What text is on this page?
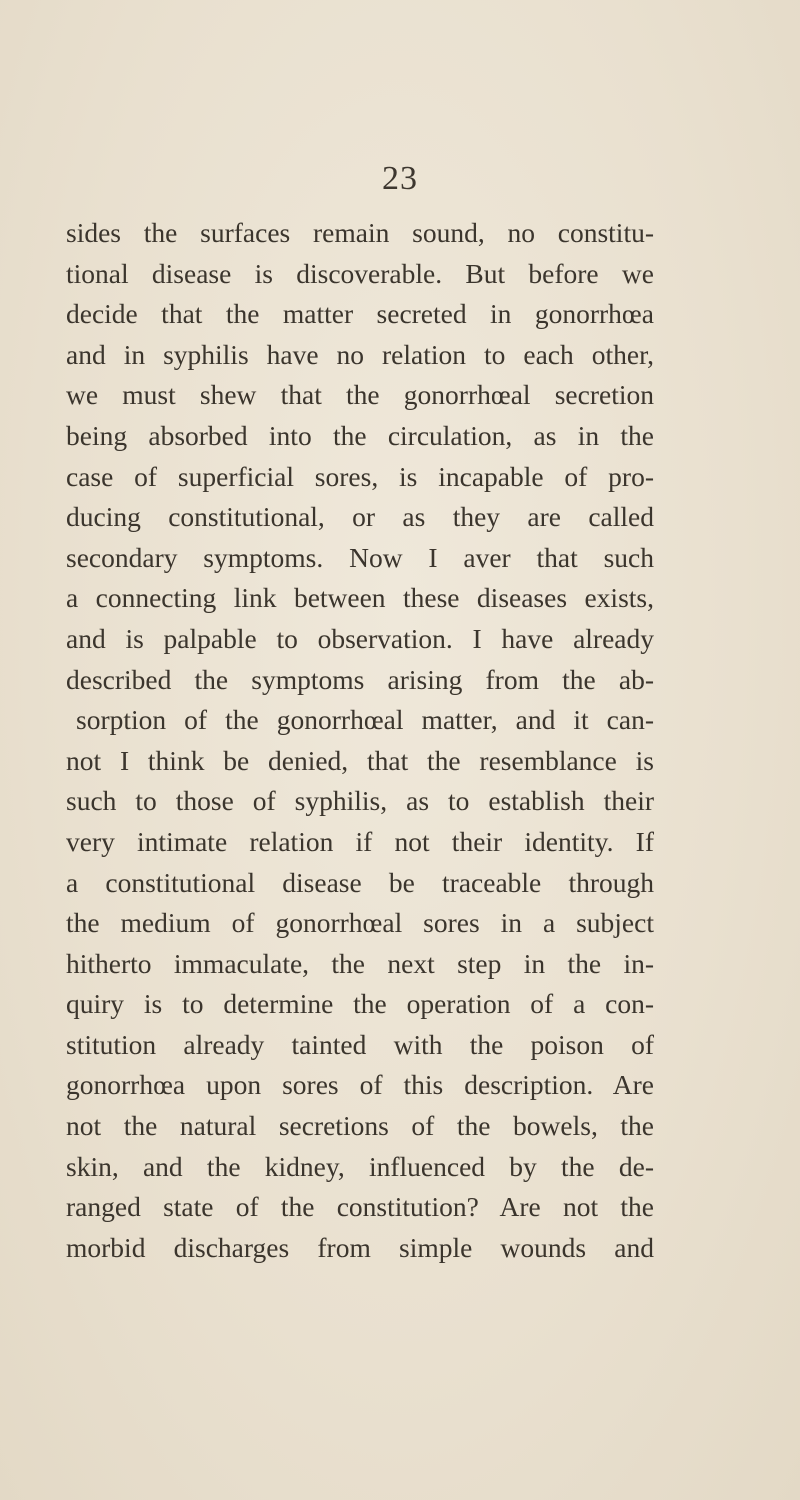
23
sides the surfaces remain sound, no constitu-
tional disease is discoverable. But before we
decide that the matter secreted in gonorrhœa
and in syphilis have no relation to each other,
we must shew that the gonorrhœal secretion
being absorbed into the circulation, as in the
case of superficial sores, is incapable of pro-
ducing constitutional, or as they are called
secondary symptoms. Now I aver that such
a connecting link between these diseases exists,
and is palpable to observation. I have already
described the symptoms arising from the ab-
sorption of the gonorrhœal matter, and it can-
not I think be denied, that the resemblance is
such to those of syphilis, as to establish their
very intimate relation if not their identity. If
a constitutional disease be traceable through
the medium of gonorrhœal sores in a subject
hitherto immaculate, the next step in the in-
quiry is to determine the operation of a con-
stitution already tainted with the poison of
gonorrhœa upon sores of this description. Are
not the natural secretions of the bowels, the
skin, and the kidney, influenced by the de-
ranged state of the constitution? Are not the
morbid discharges from simple wounds and
